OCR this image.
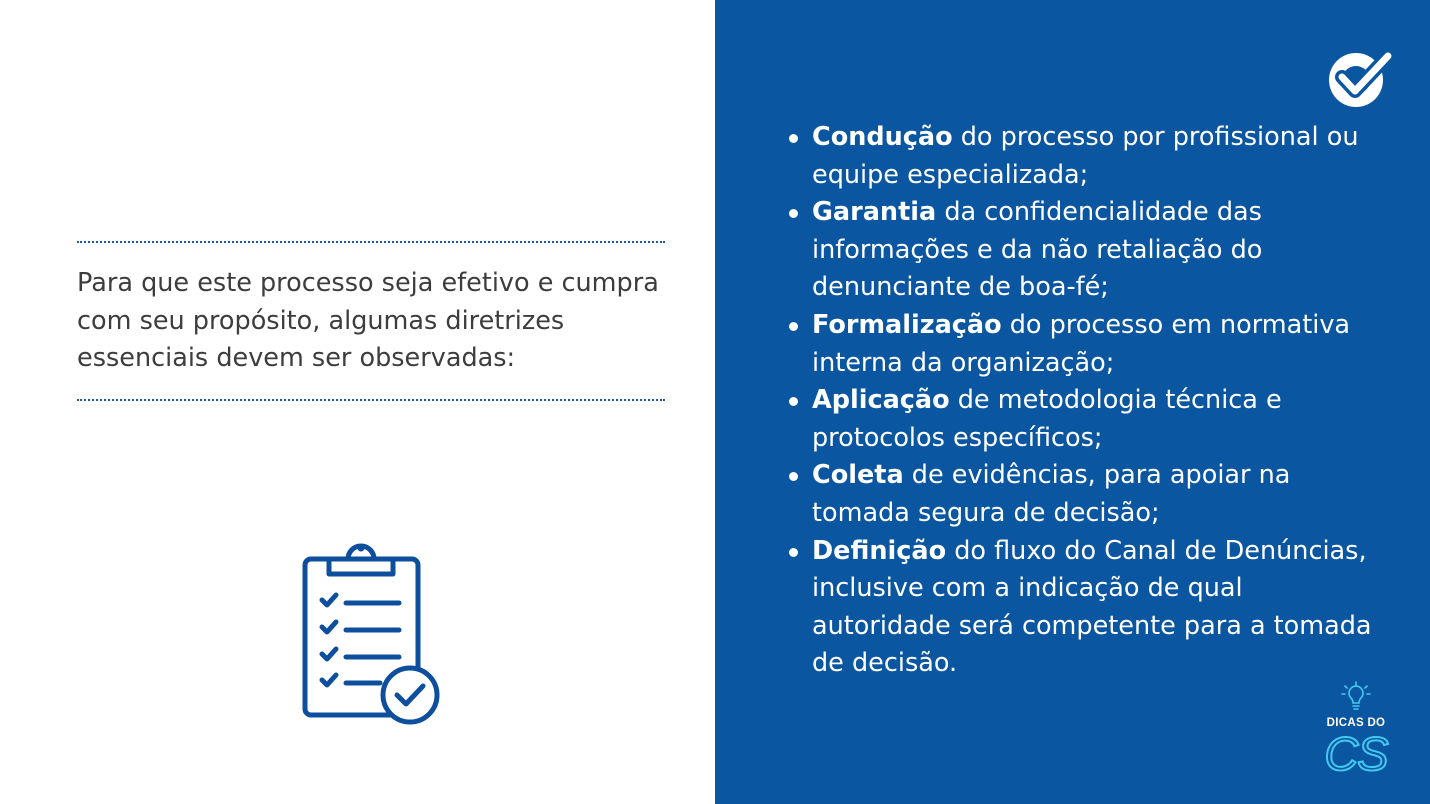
Para que este processo seja efetivo e cumpra com seu propósito, algumas diretrizes essenciais devem ser observadas:

Condução do processo por profissional ou equipe especializada;
Garantia da confidencialidade das informações e da não retaliação do denunciante de boa-fé;
Formalização do processo em normativa interna da organização;
Aplicação de metodologia técnica e protocolos específicos;
Coleta de evidências, para apoiar na tomada segura de decisão;
Definição do fluxo do Canal de Denúncias, inclusive com a indicação de qual autoridade será competente para a tomada de decisão.
DICAS DO
CS
